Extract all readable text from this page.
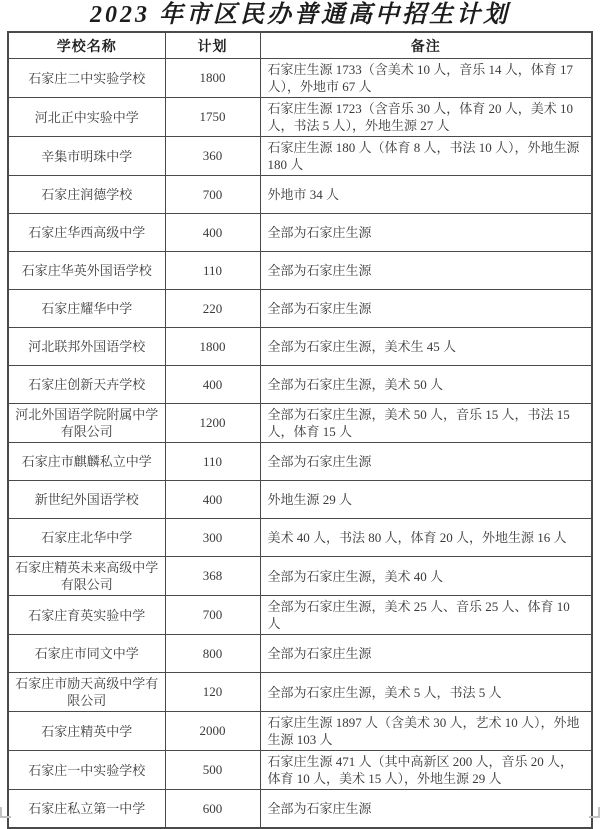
2023 年市区民办普通高中招生计划
学校名称	计划	备注
石家庄二中实验学校	1800	石家庄生源 1733（含美术 10 人，音乐 14 人，体育 17 人），外地市 67 人
河北正中实验中学	1750	石家庄生源 1723（含音乐 30 人，体育 20 人，美术 10 人，书法 5 人），外地生源 27 人
辛集市明珠中学	360	石家庄生源 180 人（体育 8 人，书法 10 人），外地生源 180 人
石家庄润德学校	700	外地市 34 人
石家庄华西高级中学	400	全部为石家庄生源
石家庄华英外国语学校	110	全部为石家庄生源
石家庄耀华中学	220	全部为石家庄生源
河北联邦外国语学校	1800	全部为石家庄生源，美术生 45 人
石家庄创新天卉学校	400	全部为石家庄生源，美术 50 人
河北外国语学院附属中学有限公司	1200	全部为石家庄生源，美术 50 人，音乐 15 人，书法 15 人，体育 15 人
石家庄市麒麟私立中学	110	全部为石家庄生源
新世纪外国语学校	400	外地生源 29 人
石家庄北华中学	300	美术 40 人，书法 80 人，体育 20 人，外地生源 16 人
石家庄精英未来高级中学有限公司	368	全部为石家庄生源，美术 40 人
石家庄育英实验中学	700	全部为石家庄生源，美术 25 人、音乐 25 人、体育 10 人
石家庄市同文中学	800	全部为石家庄生源
石家庄市励天高级中学有限公司	120	全部为石家庄生源，美术 5 人，书法 5 人
石家庄精英中学	2000	石家庄生源 1897 人（含美术 30 人，艺术 10 人），外地生源 103 人
石家庄一中实验学校	500	石家庄生源 471 人（其中高新区 200 人，音乐 20 人，体育 10 人，美术 15 人），外地生源 29 人
石家庄私立第一中学	600	全部为石家庄生源
